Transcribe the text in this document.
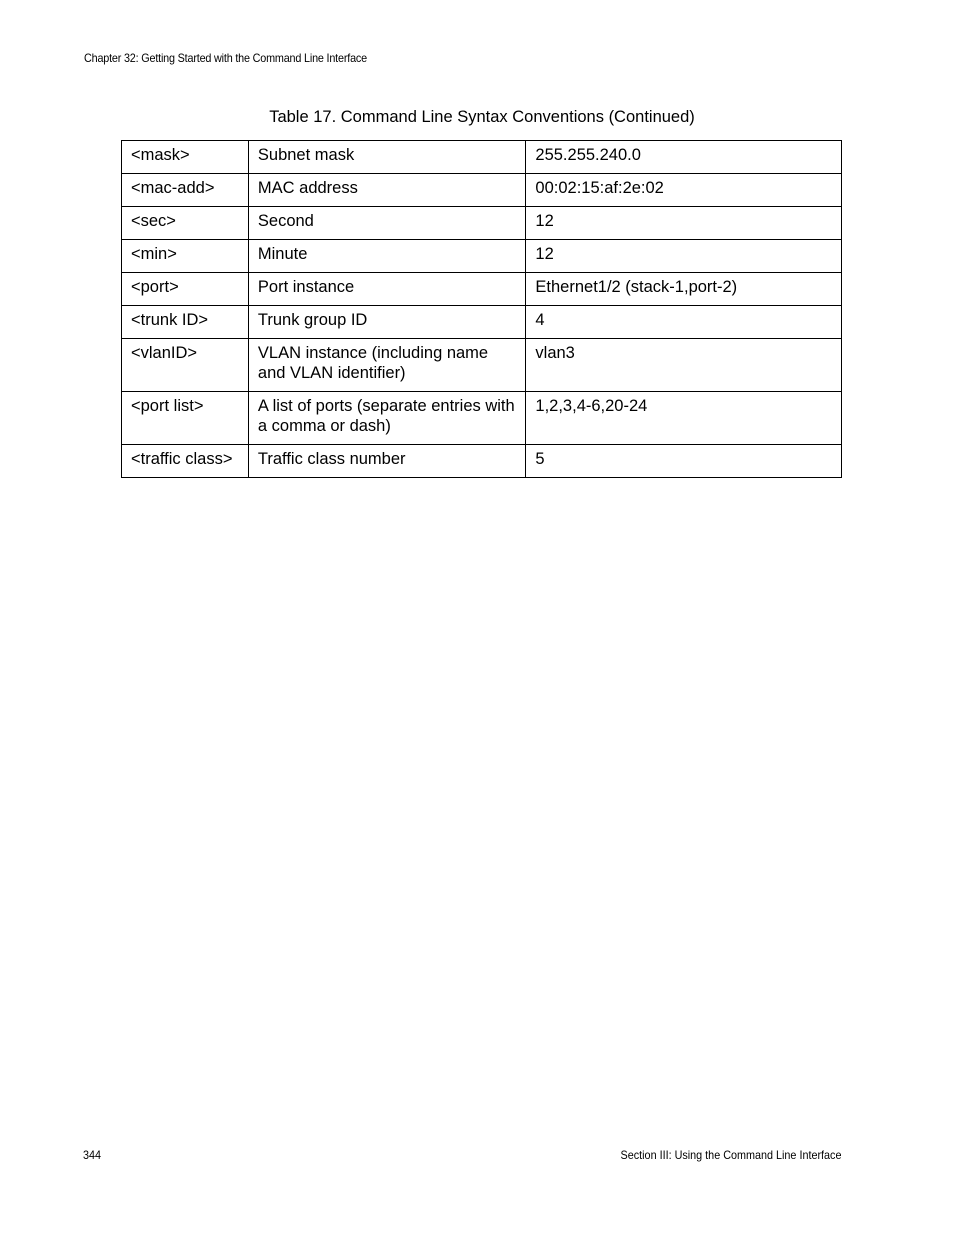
Chapter 32: Getting Started with the Command Line Interface
Table 17. Command Line Syntax Conventions (Continued)
<mask>	Subnet mask	255.255.240.0
<mac-add>	MAC address	00:02:15:af:2e:02
<sec>	Second	12
<min>	Minute	12
<port>	Port instance	Ethernet1/2 (stack-1,port-2)
<trunk ID>	Trunk group ID	4
<vlanID>	VLAN instance (including name and VLAN identifier)	vlan3
<port list>	A list of ports (separate entries with a comma or dash)	1,2,3,4-6,20-24
<traffic class>	Traffic class number	5
344	Section III: Using the Command Line Interface
